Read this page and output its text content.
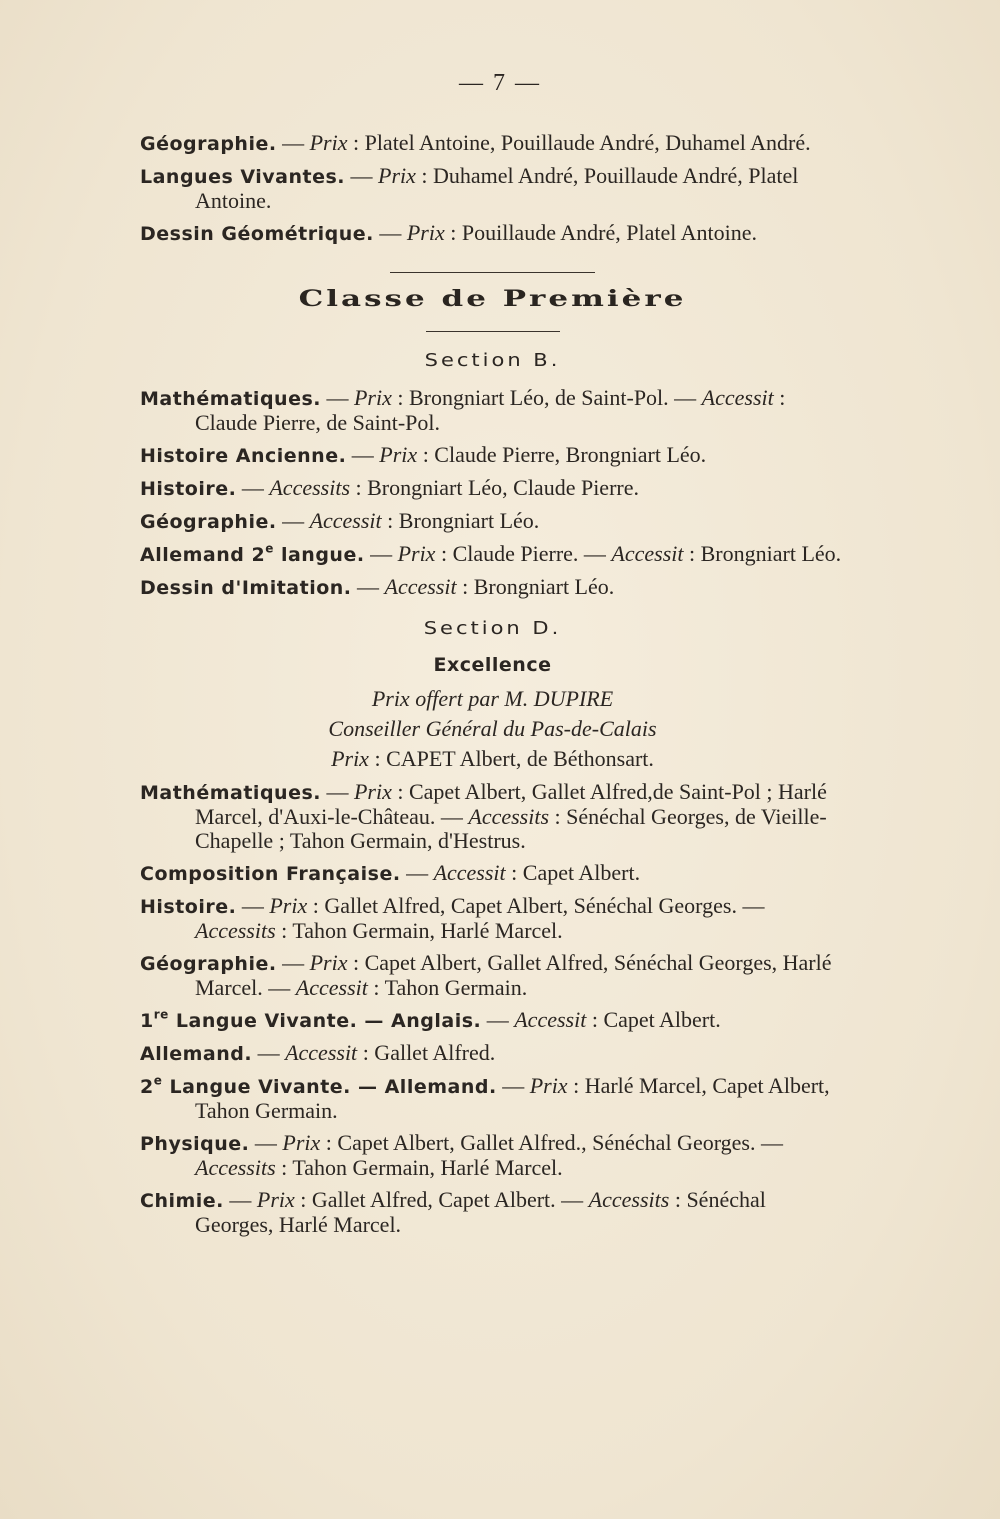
— 7 —

Géographie. — Prix : Platel Antoine, Pouillaude André, Duhamel André.

Langues Vivantes. — Prix : Duhamel André, Pouillaude André, Platel Antoine.

Dessin Géométrique. — Prix : Pouillaude André, Platel Antoine.

Classe de Première
Section B.

Mathématiques. — Prix : Brongniart Léo, de Saint-Pol. — Accessit : Claude Pierre, de Saint-Pol.

Histoire Ancienne. — Prix : Claude Pierre, Brongniart Léo.

Histoire. — Accessits : Brongniart Léo, Claude Pierre.

Géographie. — Accessit : Brongniart Léo.

Allemand 2e langue. — Prix : Claude Pierre. — Accessit : Brongniart Léo.

Dessin d'Imitation. — Accessit : Brongniart Léo.

Section D.
Excellence

Prix offert par M. DUPIRE

Conseiller Général du Pas-de-Calais

Prix : CAPET Albert, de Béthonsart.

Mathématiques. — Prix : Capet Albert, Gallet Alfred,de Saint-Pol ; Harlé Marcel, d'Auxi-le-Château. — Accessits : Sénéchal Georges, de Vieille-Chapelle ; Tahon Germain, d'Hestrus.

Composition Française. — Accessit : Capet Albert.

Histoire. — Prix : Gallet Alfred, Capet Albert, Sénéchal Georges. — Accessits : Tahon Germain, Harlé Marcel.

Géographie. — Prix : Capet Albert, Gallet Alfred, Sénéchal Georges, Harlé Marcel. — Accessit : Tahon Germain.

1re Langue Vivante. — Anglais. — Accessit : Capet Albert.

Allemand. — Accessit : Gallet Alfred.

2e Langue Vivante. — Allemand. — Prix : Harlé Marcel, Capet Albert, Tahon Germain.

Physique. — Prix : Capet Albert, Gallet Alfred., Sénéchal Georges. — Accessits : Tahon Germain, Harlé Marcel.

Chimie. — Prix : Gallet Alfred, Capet Albert. — Accessits : Sénéchal Georges, Harlé Marcel.
